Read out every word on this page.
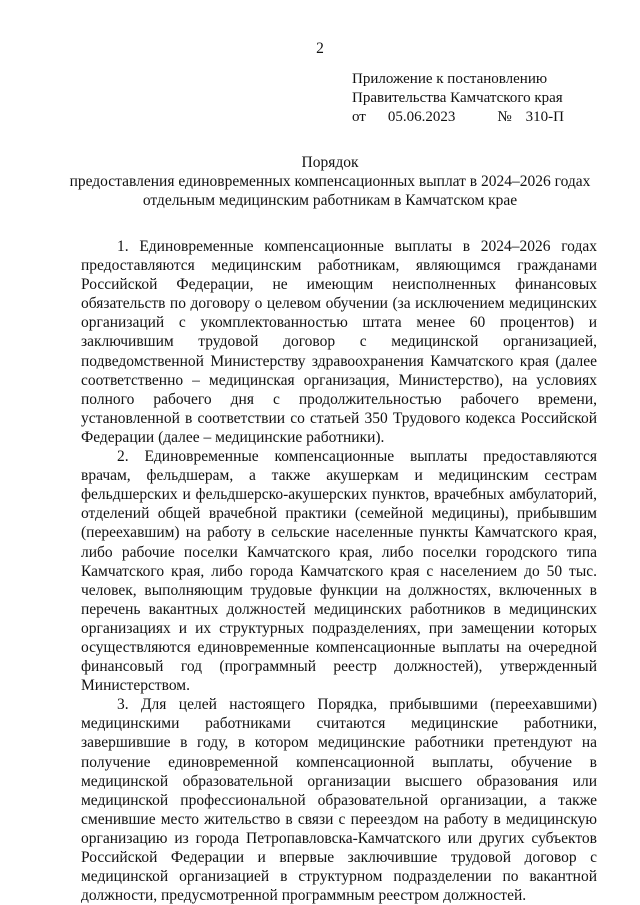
2
Приложение к постановлению
Правительства Камчатского края
от 05.06.2023	№ 310-П
Порядок
предоставления единовременных компенсационных выплат в 2024–2026 годах
отдельным медицинским работникам в Камчатском крае

1. Единовременные компенсационные выплаты в 2024–2026 годах предоставляются медицинским работникам, являющимся гражданами Российской Федерации, не имеющим неисполненных финансовых обязательств по договору о целевом обучении (за исключением медицинских организаций с укомплектованностью штата менее 60 процентов) и заключившим трудовой договор с медицинской организацией, подведомственной Министерству здравоохранения Камчатского края (далее соответственно – медицинская организация, Министерство), на условиях полного рабочего дня с продолжительностью рабочего времени, установленной в соответствии со статьей 350 Трудового кодекса Российской Федерации (далее – медицинские работники).

2. Единовременные компенсационные выплаты предоставляются врачам, фельдшерам, а также акушеркам и медицинским сестрам фельдшерских и фельдшерско-акушерских пунктов, врачебных амбулаторий, отделений общей врачебной практики (семейной медицины), прибывшим (переехавшим) на работу в сельские населенные пункты Камчатского края, либо рабочие поселки Камчатского края, либо поселки городского типа Камчатского края, либо города Камчатского края с населением до 50 тыс. человек, выполняющим трудовые функции на должностях, включенных в перечень вакантных должностей медицинских работников в медицинских организациях и их структурных подразделениях, при замещении которых осуществляются единовременные компенсационные выплаты на очередной финансовый год (программный реестр должностей), утвержденный Министерством.

3. Для целей настоящего Порядка, прибывшими (переехавшими) медицинскими работниками считаются медицинские работники, завершившие в году, в котором медицинские работники претендуют на получение единовременной компенсационной выплаты, обучение в медицинской образовательной организации высшего образования или медицинской профессиональной образовательной организации, а также сменившие место жительство в связи с переездом на работу в медицинскую организацию из города Петропавловска-Камчатского или других субъектов Российской Федерации и впервые заключившие трудовой договор с медицинской организацией в структурном подразделении по вакантной должности, предусмотренной программным реестром должностей.
